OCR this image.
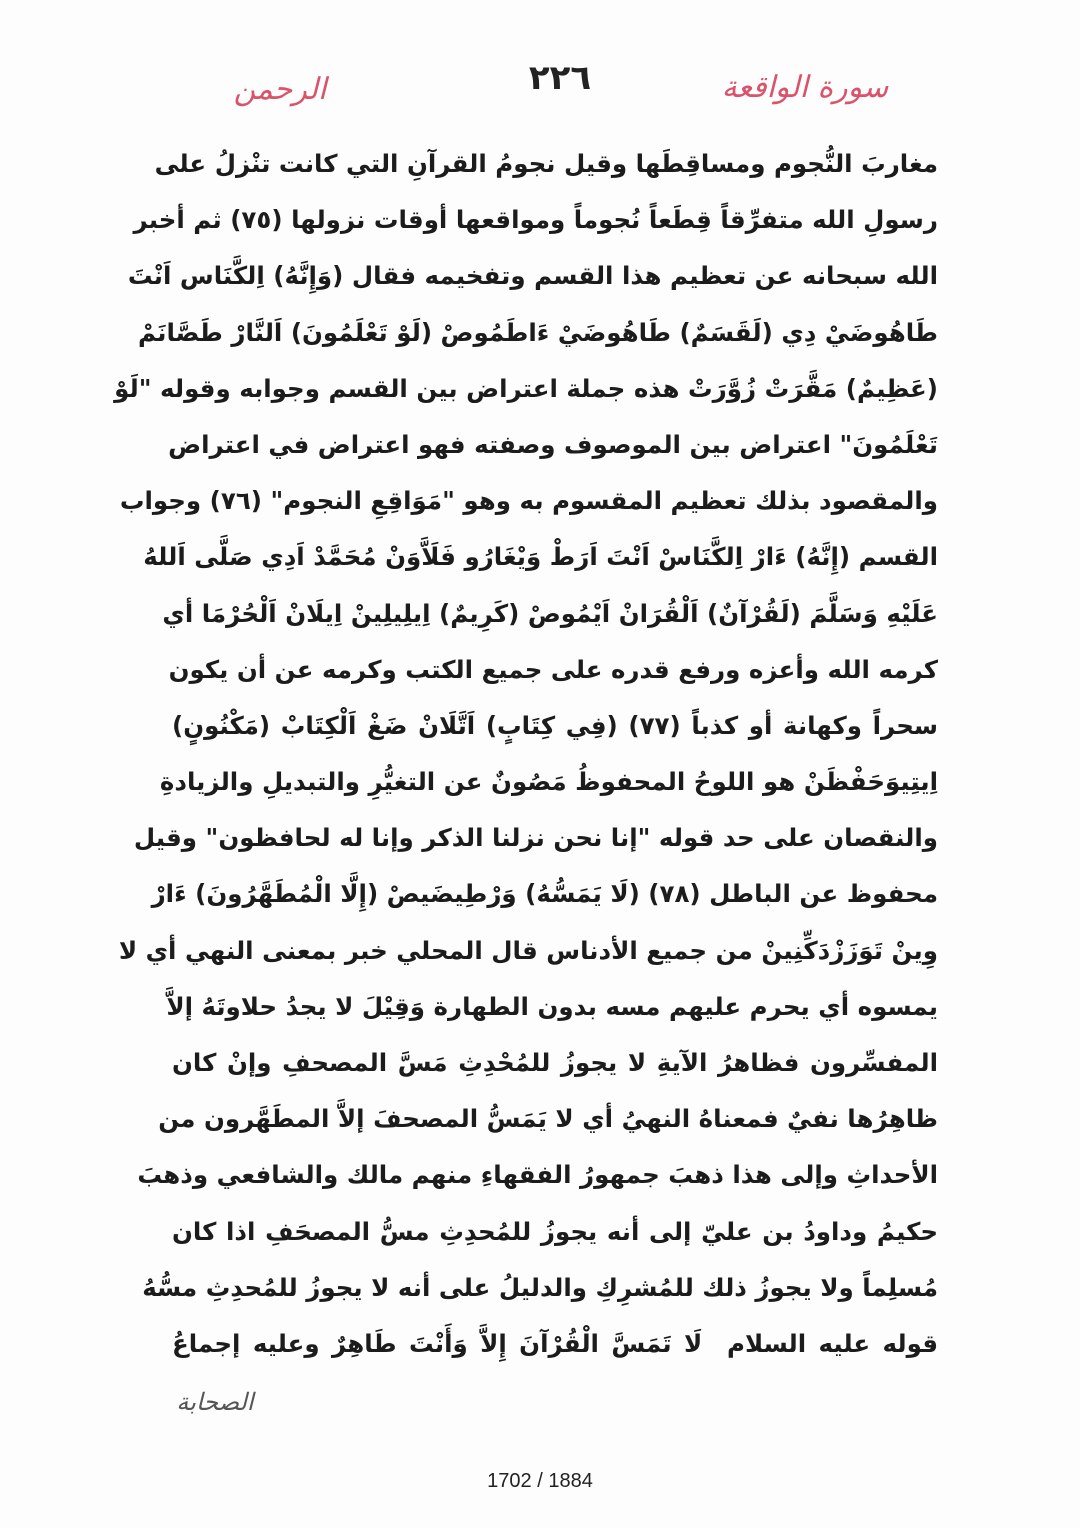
الرحمن	٢٢٦	سورة الواقعة
مغاربَ النُّجوم ومساقِطَها وقيل نجومُ القرآنِ التي كانت تنْزلُ على
رسولِ الله متفرِّقاً قِطَعاً نُجوماً ومواقعها أوقات نزولها (٧٥) ثم أخبر
الله سبحانه عن تعظيم هذا القسم وتفخيمه فقال (وَإِنَّهُ) اِلكَّنَاس اَنْتَ
طَاهُوضَيْ دِي (لَقَسَمٌ) طَاهُوضَيْ ءَاطَمُوصْ (لَوْ تَعْلَمُونَ) اَلنَّارْ طَصَّانَمْ
(عَظِيمٌ) مَقَّرَتْ زُوَّرَتْ هذه جملة اعتراض بين القسم وجوابه وقوله "لَوْ
تَعْلَمُونَ" اعتراض بين الموصوف وصفته فهو اعتراض في اعتراض
والمقصود بذلك تعظيم المقسوم به وهو "مَوَاقِعِ النجوم" (٧٦) وجواب
القسم (إِنَّهُ) ءَارْ اِلكَّنَاسْ اَنْتَ اَرَطْ وَيْغَارُو فَلَاَّوَنْ مُحَمَّدْ اَدِي صَلَّى اَللهُ
عَلَيْهِ وَسَلَّمَ (لَقُرْآنٌ) اَلْقُرَانْ اَيْمُوصْ (كَرِيمٌ) اِيلِيلِينْ اِيلَانْ اَلْحُرْمَا أي
كرمه الله وأعزه ورفع قدره على جميع الكتب وكرمه عن أن يكون
سحراً وكهانة أو كذباً (٧٧) (فِي كِتَابٍ) اَتَّلَانْ ضَغْ اَلْكِتَابْ (مَكْنُونٍ)
اِيتِيوَحَفْظَنْ هو اللوحُ المحفوظُ مَصُونٌ عن التغيُّرِ والتبديلِ والزيادةِ
والنقصان على حد قوله "إنا نحن نزلنا الذكر وإنا له لحافظون" وقيل
محفوظ عن الباطل (٧٨) (لَا يَمَسُّهُ) وَرْطِيضَيصْ (إِلَّا الْمُطَهَّرُونَ) ءَارْ
وِينْ تَوَزَزْدَكِّنِينْ من جميع الأدناس قال المحلي خبر بمعنى النهي أي لا
يمسوه أي يحرم عليهم مسه بدون الطهارة وَقِيْلَ لا يجدُ حلاوتَهُ إلاَّ
المفسِّرون فظاهرُ الآيةِ لا يجوزُ للمُحْدِثِ مَسَّ المصحفِ وإنْ كان
ظاهِرُها نفيٌ فمعناهُ النهيُ أي لا يَمَسُّ المصحفَ إلاَّ المطَهَّرون من
الأحداثِ وإلى هذا ذهبَ جمهورُ الفقهاءِ منهم مالك والشافعي وذهبَ
حكيمُ وداودُ بن عليّ إلى أنه يجوزُ للمُحدِثِ مسُّ المصحَفِ اذا كان
مُسلِماً ولا يجوزُ ذلك للمُشرِكِ والدليلُ على أنه لا يجوزُ للمُحدِثِ مسُّهُ
قوله عليه السلام  لَا تَمَسَّ الْقُرْآنَ إِلاَّ وَأَنْتَ طَاهِرٌ وعليه إجماعُ
الصحابة
1702 / 1884
